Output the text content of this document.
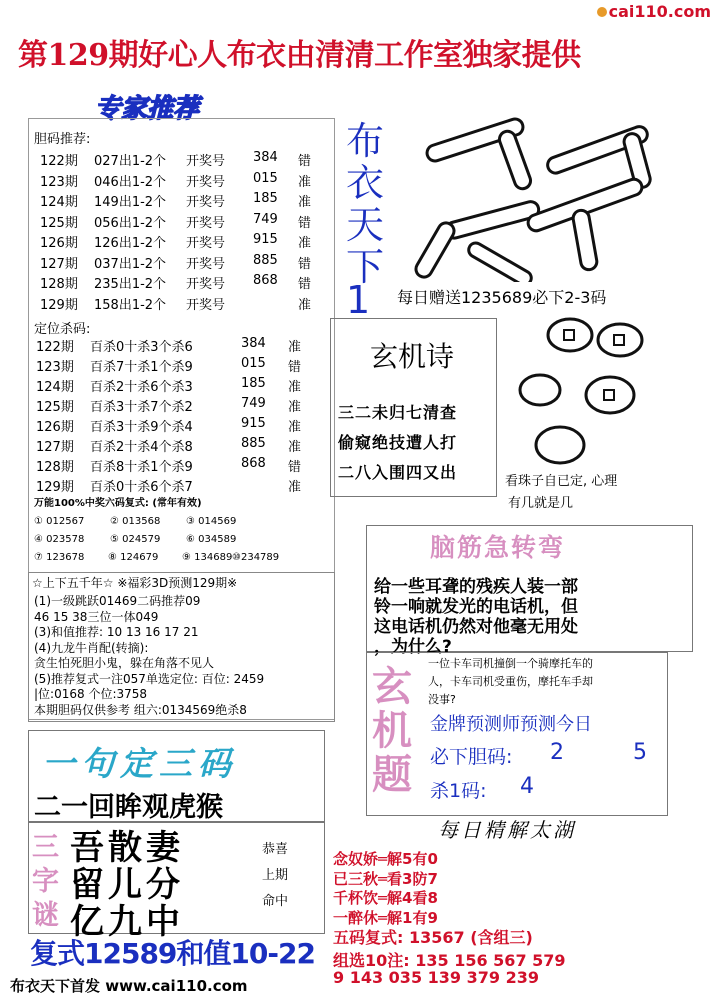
cai110.com
第129期好心人布衣由清清工作室独家提供
专家推荐
胆码推荐:
122期 027出1-2个 开奖号 384 错
123期 046出1-2个 开奖号 015 准
124期 149出1-2个 开奖号 185 准
125期 056出1-2个 开奖号 749 错
126期 126出1-2个 开奖号 915 准
127期 037出1-2个 开奖号 885 错
128期 235出1-2个 开奖号 868 错
129期 158出1-2个 开奖号	准
定位杀码:
122期 百杀0十杀3个杀6	384 准
123期 百杀7十杀1个杀9	015 错
124期 百杀2十杀6个杀3	185 准
125期 百杀3十杀7个杀2	749 准
126期 百杀3十杀9个杀4	915 准
127期 百杀2十杀4个杀8	885 准
128期 百杀8十杀1个杀9	868 错
129期 百杀0十杀6个杀7	准
万能100%中奖六码复式: (常年有效)
① 012567	② 013568	③ 014569
④ 023578	⑤ 024579	⑥ 034589
⑦ 123678 ⑧ 124679 ⑨ 134689 ⑩234789
☆上下五千年☆ ※福彩3D预测129期※
(1)一级跳跃01469二码推荐09
46 15 38三位一体049
(3)和值推荐: 10 13 16 17 21
(4)九龙牛肖配(转摘):
贪生怕死胆小鬼，躲在角落不见人
(5)推荐复式一注057单选定位: 百位: 2459
|位:0168 个位:3758
本期胆码仅供参考 组六:0134569绝杀8
一句定三码
二一回眸观虎猴
三
字
谜
吾散妻
留儿分
亿九中
恭喜
上期
命中
复式12589和值10-22
布衣天下首发 www.cai110.com
布
衣
天
下
1 每日赠送1235689必下2-3码
玄机诗
三二未归七清查
偷窥绝技遭人打
二八入围四又出	看珠子自已定, 心理
有几就是几
脑筋急转弯
给一些耳聋的残疾人装一部
铃一响就发光的电话机，但
这电话机仍然对他毫无用处
，为什么?
玄
机
题
一位卡车司机撞倒一个骑摩托车的
人，卡车司机受重伤，摩托车手却
没事?
金牌预测师预测今日
必下胆码: 2	5
杀1码: 4
每日精解太湖
念奴娇═解5有0
已三秋═看3防7
千杯饮═解4看8
一醉休═解1有9
五码复式: 13567 (含组三)
组选10注: 135 156 567 579
9 143 035 139 379 239
